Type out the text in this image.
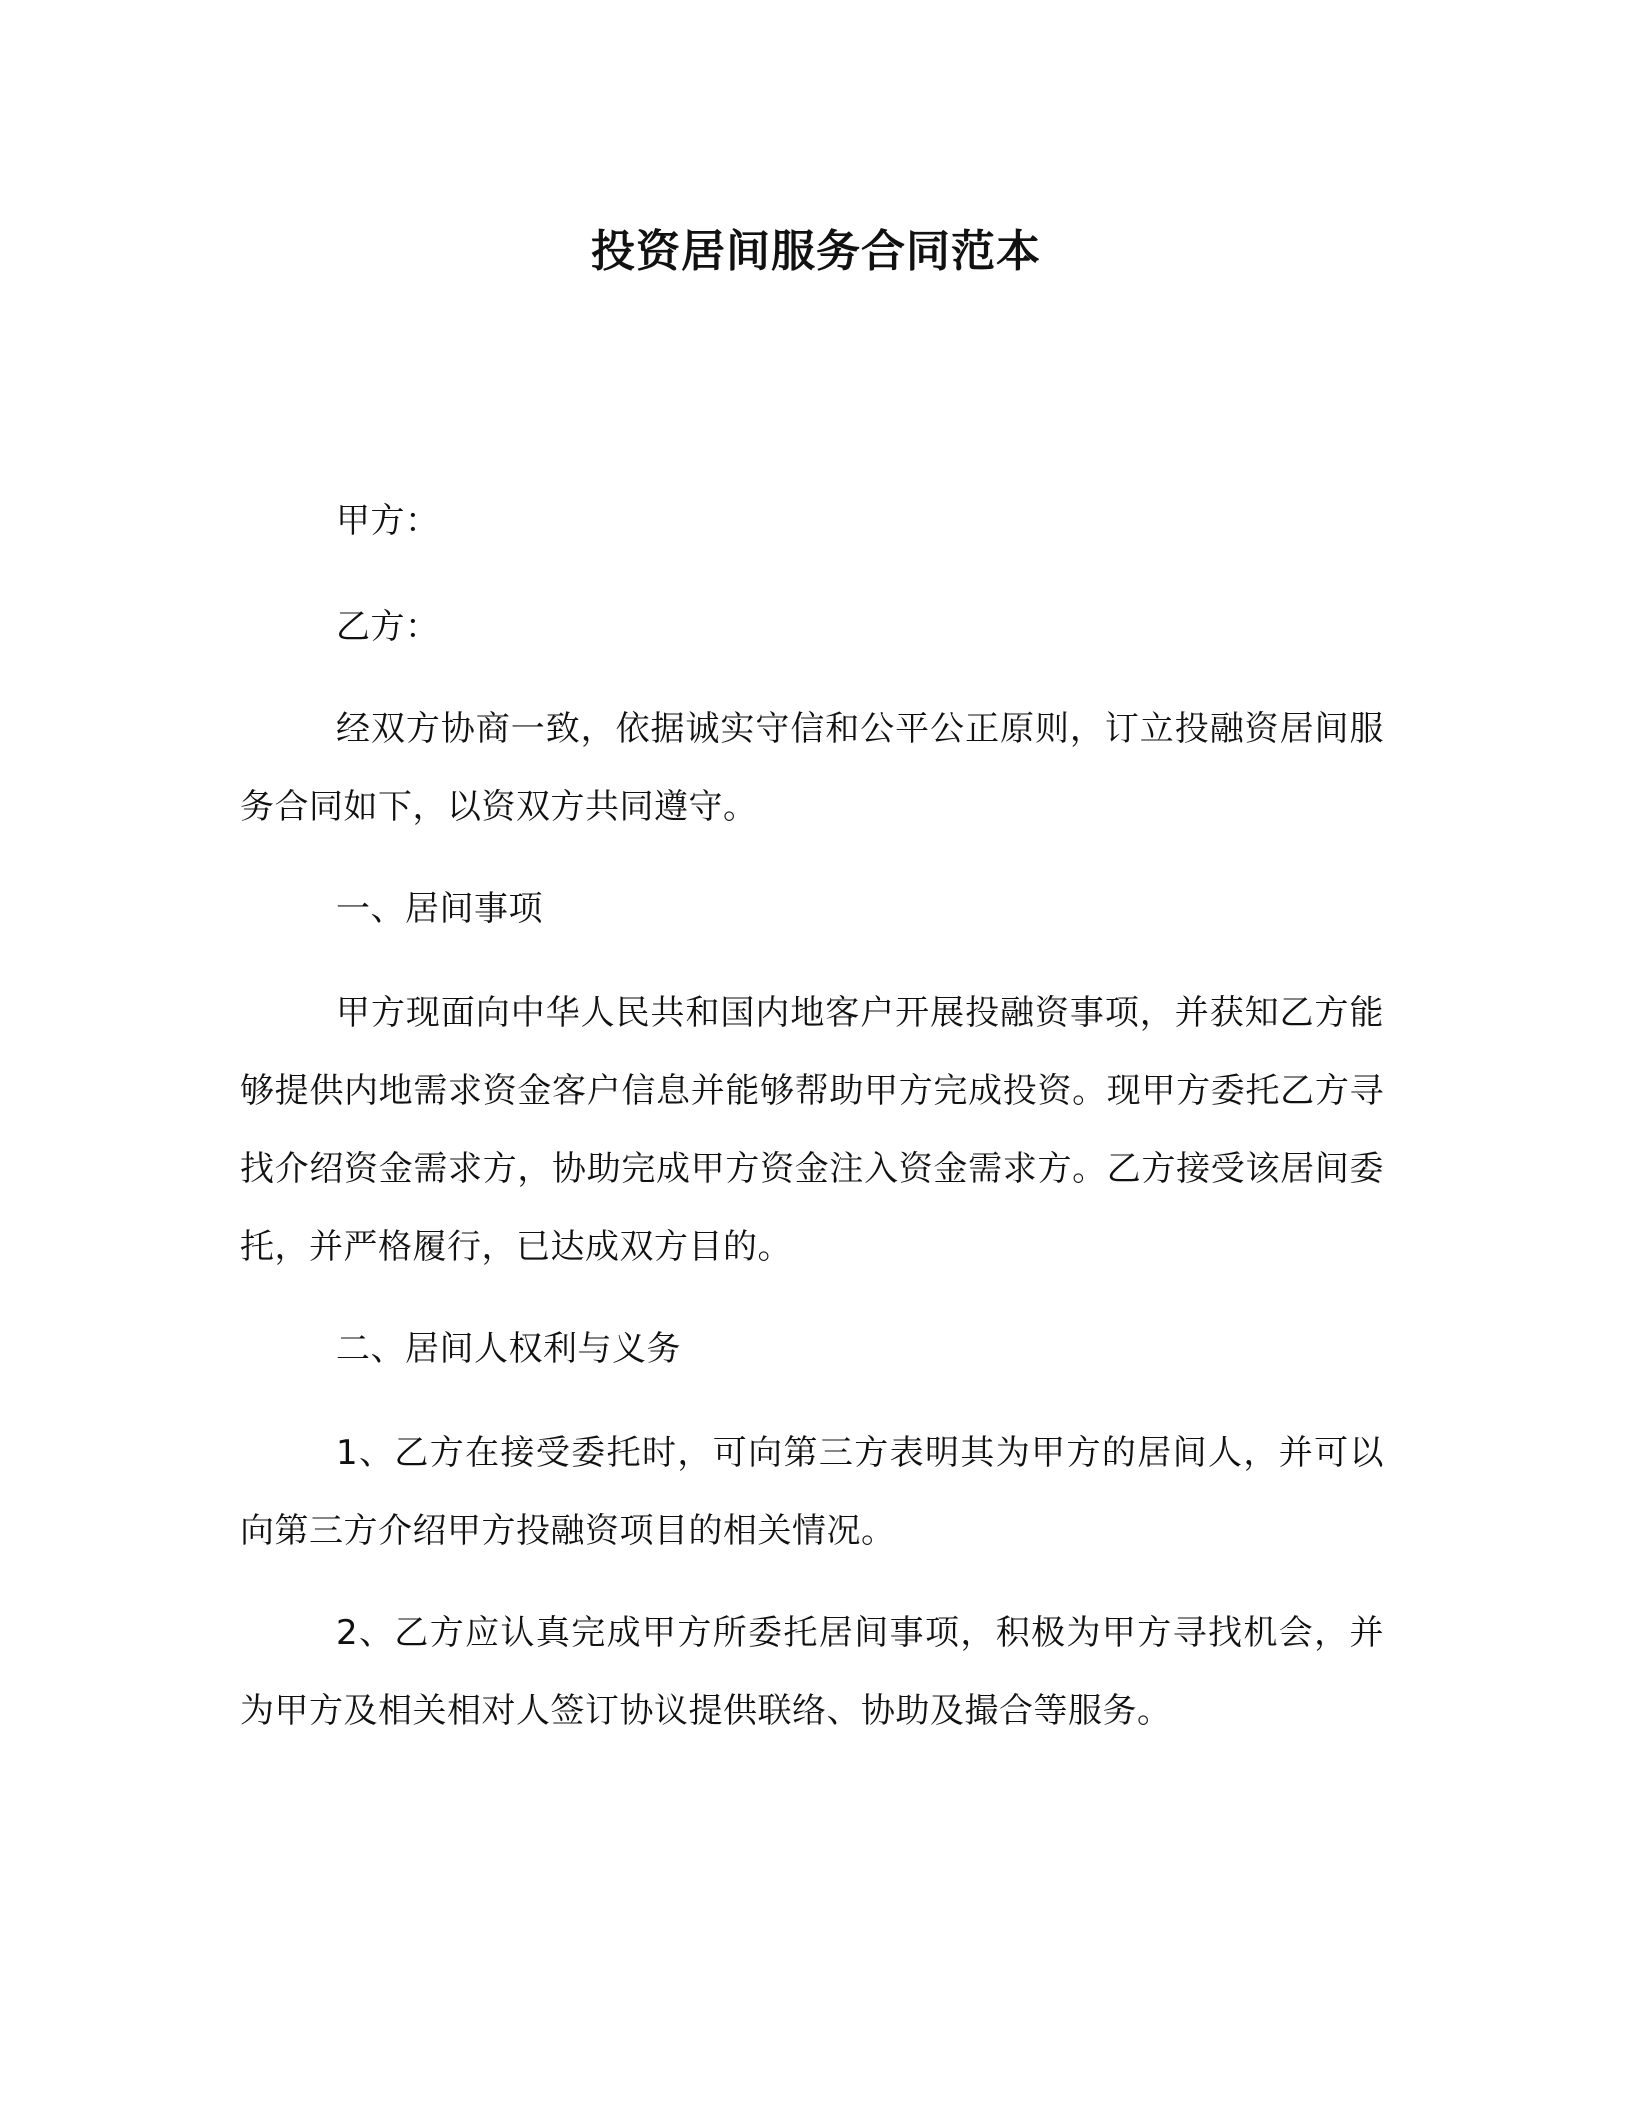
投资居间服务合同范本

甲方：

乙方：

经双方协商一致，依据诚实守信和公平公正原则，订立投融资居间服务合同如下，以资双方共同遵守。

一、居间事项

甲方现面向中华人民共和国内地客户开展投融资事项，并获知乙方能够提供内地需求资金客户信息并能够帮助甲方完成投资。现甲方委托乙方寻找介绍资金需求方，协助完成甲方资金注入资金需求方。乙方接受该居间委托，并严格履行，已达成双方目的。

二、居间人权利与义务

1、乙方在接受委托时，可向第三方表明其为甲方的居间人，并可以向第三方介绍甲方投融资项目的相关情况。

2、乙方应认真完成甲方所委托居间事项，积极为甲方寻找机会，并为甲方及相关相对人签订协议提供联络、协助及撮合等服务。
